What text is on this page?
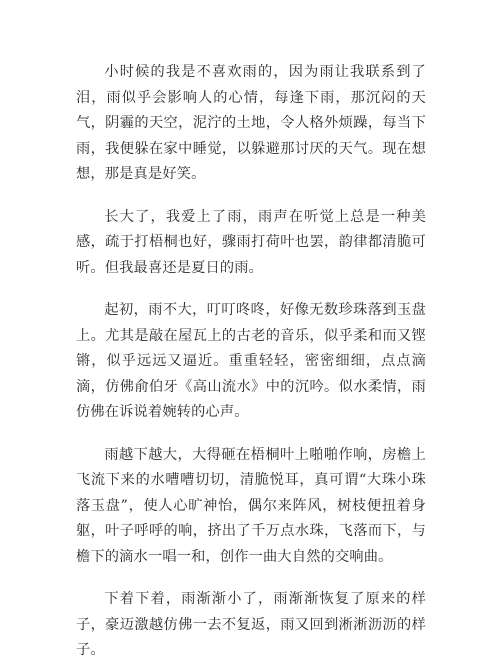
小时候的我是不喜欢雨的，因为雨让我联系到了泪，雨似乎会影响人的心情，每逢下雨，那沉闷的天气，阴霾的天空，泥泞的土地，令人格外烦躁，每当下雨，我便躲在家中睡觉，以躲避那讨厌的天气。现在想想，那是真是好笑。

长大了，我爱上了雨，雨声在听觉上总是一种美感，疏于打梧桐也好，骤雨打荷叶也罢，韵律都清脆可听。但我最喜还是夏日的雨。

起初，雨不大，叮叮咚咚，好像无数珍珠落到玉盘上。尤其是敲在屋瓦上的古老的音乐，似乎柔和而又铿锵，似乎远远又逼近。重重轻轻，密密细细，点点滴滴，仿佛俞伯牙《高山流水》中的沉吟。似水柔情，雨仿佛在诉说着婉转的心声。

雨越下越大，大得砸在梧桐叶上啪啪作响，房檐上飞流下来的水嘈嘈切切，清脆悦耳，真可谓“大珠小珠落玉盘”，使人心旷神怡，偶尔来阵风，树枝便扭着身躯，叶子呼呼的响，挤出了千万点水珠，飞落而下，与檐下的滴水一唱一和，创作一曲大自然的交响曲。

下着下着，雨渐渐小了，雨渐渐恢复了原来的样子，豪迈激越仿佛一去不复返，雨又回到淅淅沥沥的样子。
